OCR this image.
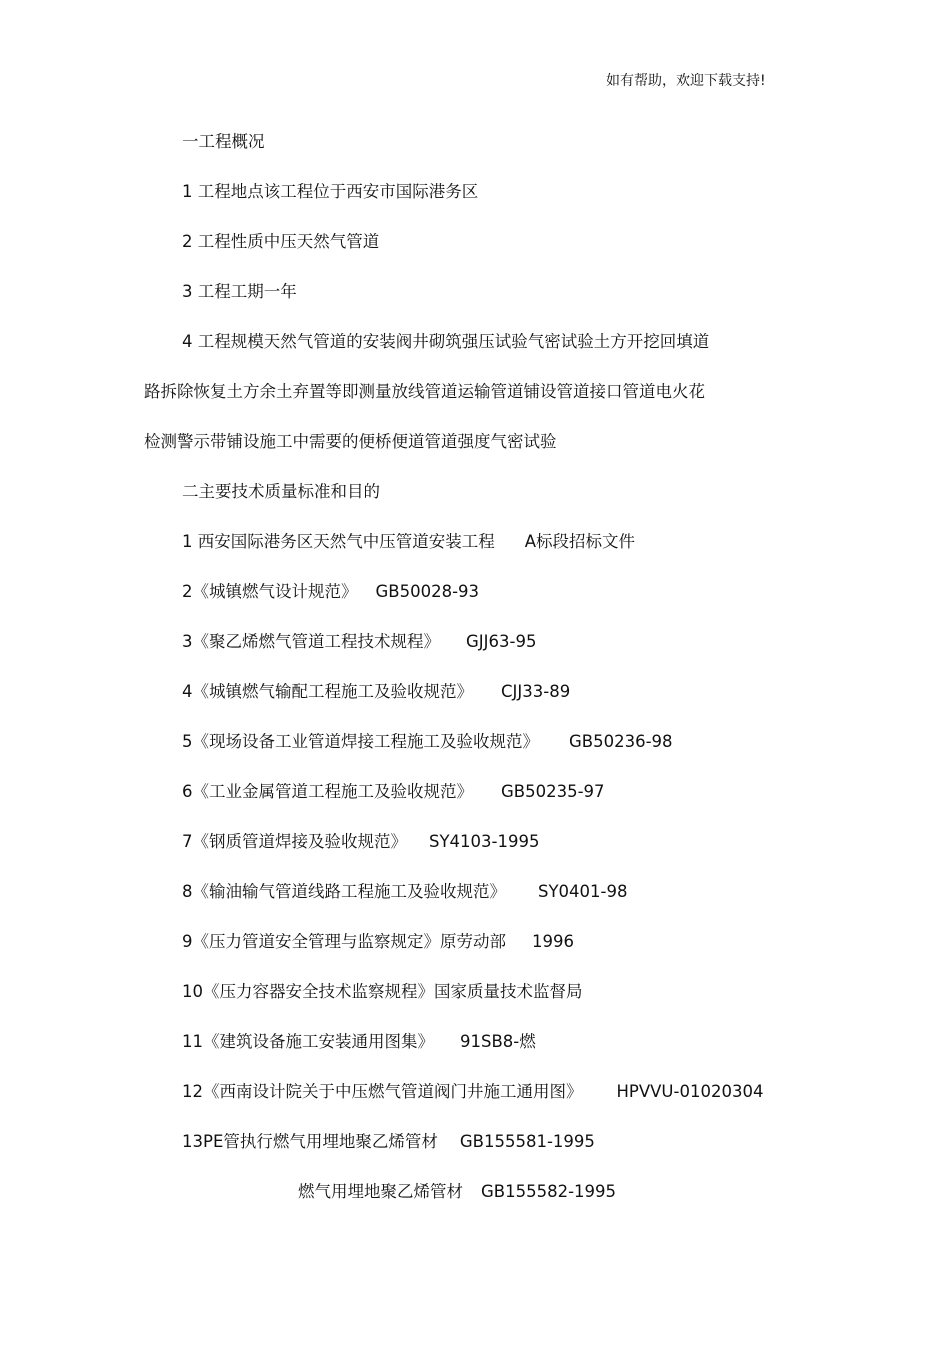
如有帮助，欢迎下载支持!
一工程概况
1 工程地点该工程位于西安市国际港务区
2 工程性质中压天然气管道
3 工程工期一年
4 工程规模天然气管道的安装阀井砌筑强压试验气密试验土方开挖回填道
路拆除恢复土方余土弃置等即测量放线管道运输管道铺设管道接口管道电火花
检测警示带铺设施工中需要的便桥便道管道强度气密试验
二主要技术质量标准和目的
1 西安国际港务区天然气中压管道安装工程 A标段招标文件
2《城镇燃气设计规范》 GB50028-93
3《聚乙烯燃气管道工程技术规程》 GJJ63-95
4《城镇燃气输配工程施工及验收规范》 CJJ33-89
5《现场设备工业管道焊接工程施工及验收规范》 GB50236-98
6《工业金属管道工程施工及验收规范》 GB50235-97
7《钢质管道焊接及验收规范》 SY4103-1995
8《输油输气管道线路工程施工及验收规范》 SY0401-98
9《压力管道安全管理与监察规定》原劳动部 1996
10《压力容器安全技术监察规程》国家质量技术监督局
11《建筑设备施工安装通用图集》 91SB8-燃
12《西南设计院关于中压燃气管道阀门井施工通用图》 HPVVU-01020304
13PE管执行燃气用埋地聚乙烯管材 GB155581-1995
燃气用埋地聚乙烯管材 GB155582-1995
